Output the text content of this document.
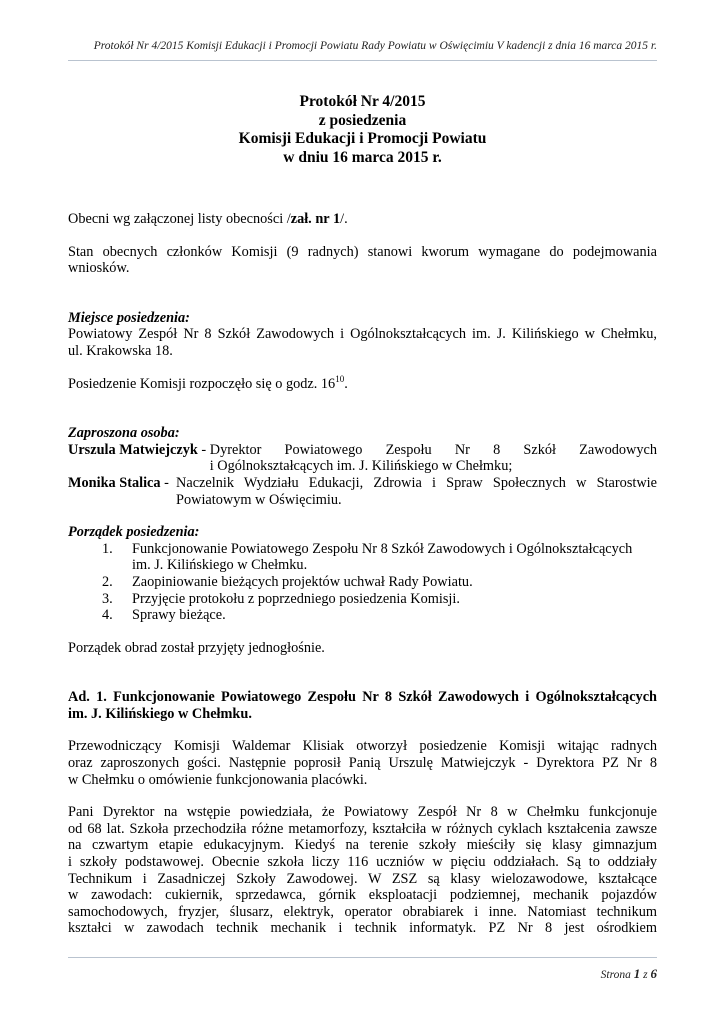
Protokół Nr 4/2015 Komisji Edukacji i Promocji Powiatu Rady Powiatu w Oświęcimiu V kadencji z dnia 16 marca 2015 r.
Protokół Nr 4/2015
z posiedzenia
Komisji Edukacji i Promocji Powiatu
w dniu 16 marca 2015 r.

Obecni wg załączonej listy obecności /zał. nr 1/.

Stan obecnych członków Komisji (9 radnych) stanowi kworum wymagane do podejmowania

wniosków.

Miejsce posiedzenia:

Powiatowy Zespół Nr 8 Szkół Zawodowych i Ogólnokształcących im. J. Kilińskiego w Chełmku,

ul. Krakowska 18.

Posiedzenie Komisji rozpoczęło się o godz. $16^{10}$.

Zaproszona osoba:

Urszula Matwiejczyk - Dyrektor Powiatowego Zespołu Nr 8 Szkół Zawodowych
i Ogólnokształcących im. J. Kilińskiego w Chełmku;
Monika Stalica - Naczelnik Wydziału Edukacji, Zdrowia i Spraw Społecznych w Starostwie
Powiatowym w Oświęcimiu.

Porządek posiedzenia:

1.	Funkcjonowanie Powiatowego Zespołu Nr 8 Szkół Zawodowych i Ogólnokształcących
im. J. Kilińskiego w Chełmku.
2.	Zaopiniowanie bieżących projektów uchwał Rady Powiatu.
3.	Przyjęcie protokołu z poprzedniego posiedzenia Komisji.
4.	Sprawy bieżące.

Porządek obrad został przyjęty jednogłośnie.

Ad. 1. Funkcjonowanie Powiatowego Zespołu Nr 8 Szkół Zawodowych i Ogólnokształcących

im. J. Kilińskiego w Chełmku.

Przewodniczący Komisji Waldemar Klisiak otworzył posiedzenie Komisji witając radnych

oraz zaproszonych gości. Następnie poprosił Panią Urszulę Matwiejczyk - Dyrektora PZ Nr 8

w Chełmku o omówienie funkcjonowania placówki.

Pani Dyrektor na wstępie powiedziała, że Powiatowy Zespół Nr 8 w Chełmku funkcjonuje

od 68 lat. Szkoła przechodziła różne metamorfozy, kształciła w różnych cyklach kształcenia zawsze

na czwartym etapie edukacyjnym. Kiedyś na terenie szkoły mieściły się klasy gimnazjum

i szkoły podstawowej. Obecnie szkoła liczy 116 uczniów w pięciu oddziałach. Są to oddziały

Technikum i Zasadniczej Szkoły Zawodowej. W ZSZ są klasy wielozawodowe, kształcące

w zawodach: cukiernik, sprzedawca, górnik eksploatacji podziemnej, mechanik pojazdów

samochodowych, fryzjer, ślusarz, elektryk, operator obrabiarek i inne. Natomiast technikum

kształci w zawodach technik mechanik i technik informatyk. PZ Nr 8 jest ośrodkiem

Strona 1 z 6
